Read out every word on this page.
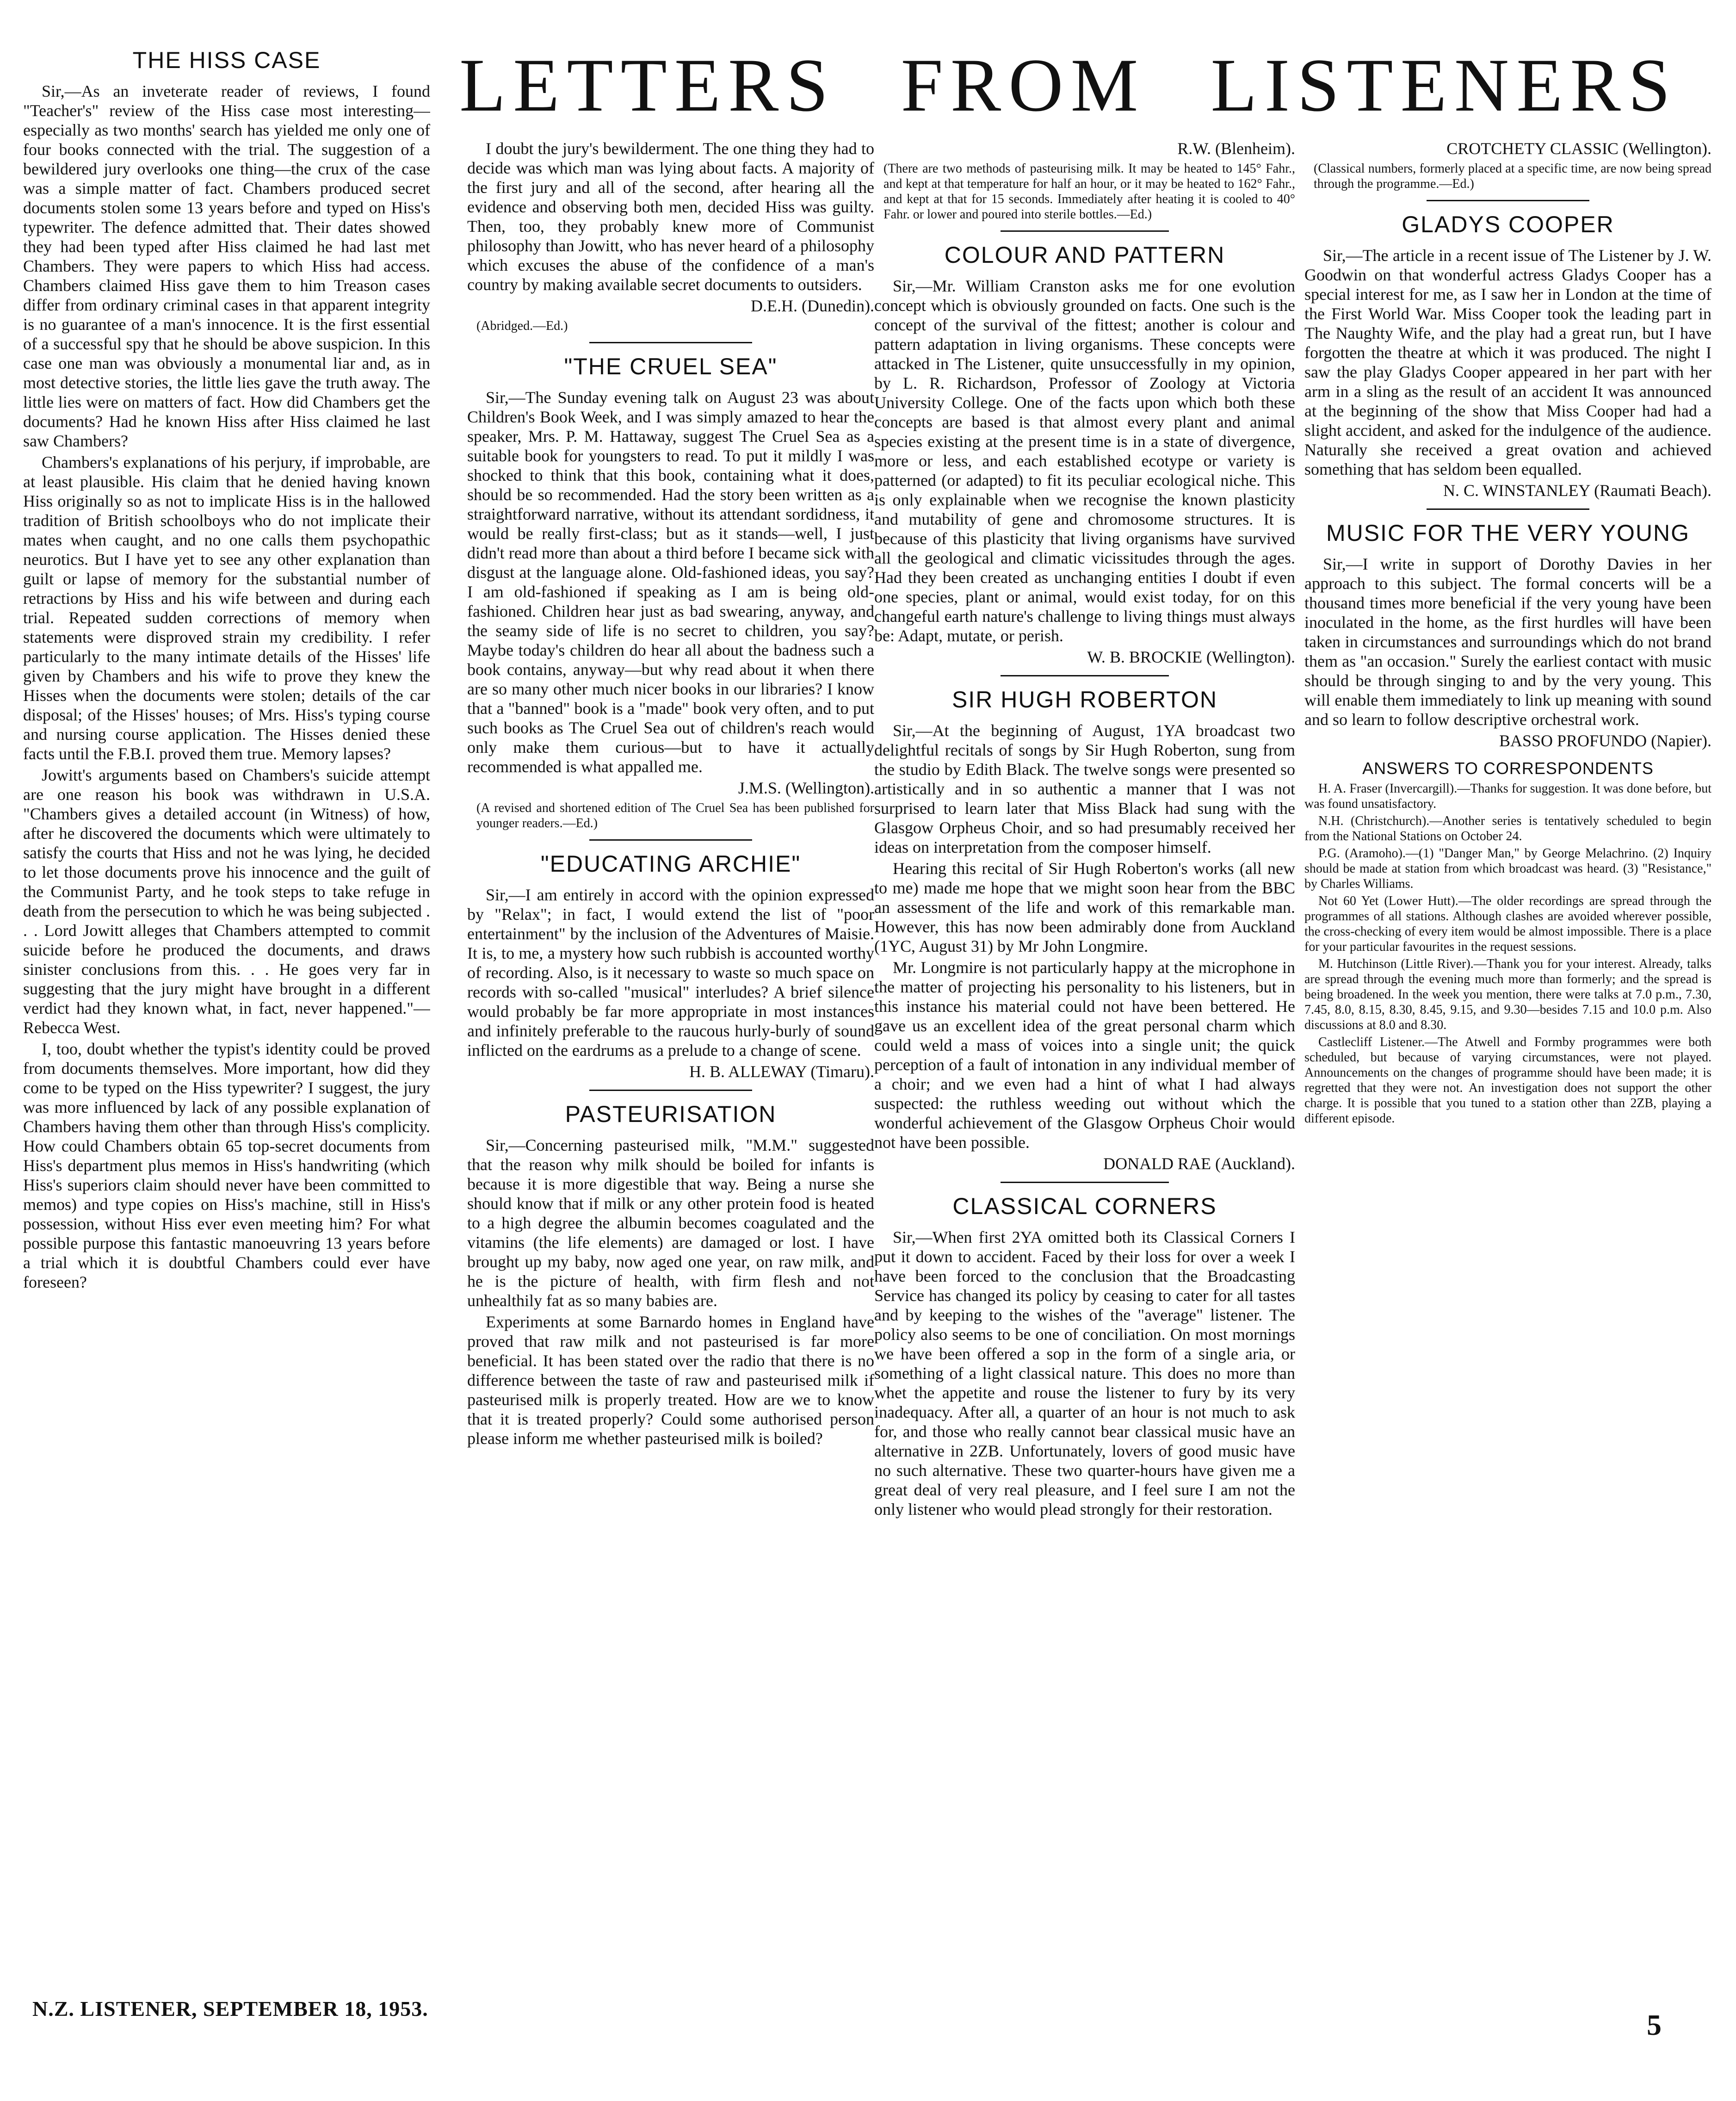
LETTERS FROM LISTENERS
THE HISS CASE

Sir,—As an inveterate reader of reviews, I found "Teacher's" review of the Hiss case most interesting—especially as two months' search has yielded me only one of four books connected with the trial. The suggestion of a bewildered jury overlooks one thing—the crux of the case was a simple matter of fact. Chambers produced secret documents stolen some 13 years before and typed on Hiss's typewriter. The defence admitted that. Their dates showed they had been typed after Hiss claimed he had last met Chambers. They were papers to which Hiss had access. Chambers claimed Hiss gave them to him Treason cases differ from ordinary criminal cases in that apparent integrity is no guarantee of a man's innocence. It is the first essential of a successful spy that he should be above suspicion. In this case one man was obviously a monumental liar and, as in most detective stories, the little lies gave the truth away. The little lies were on matters of fact. How did Chambers get the documents? Had he known Hiss after Hiss claimed he last saw Chambers?

Chambers's explanations of his perjury, if improbable, are at least plausible. His claim that he denied having known Hiss originally so as not to implicate Hiss is in the hallowed tradition of British schoolboys who do not implicate their mates when caught, and no one calls them psychopathic neurotics. But I have yet to see any other explanation than guilt or lapse of memory for the substantial number of retractions by Hiss and his wife between and during each trial. Repeated sudden corrections of memory when statements were disproved strain my credibility. I refer particularly to the many intimate details of the Hisses' life given by Chambers and his wife to prove they knew the Hisses when the documents were stolen; details of the car disposal; of the Hisses' houses; of Mrs. Hiss's typing course and nursing course application. The Hisses denied these facts until the F.B.I. proved them true. Memory lapses?

Jowitt's arguments based on Chambers's suicide attempt are one reason his book was withdrawn in U.S.A. "Chambers gives a detailed account (in Witness) of how, after he discovered the documents which were ultimately to satisfy the courts that Hiss and not he was lying, he decided to let those documents prove his innocence and the guilt of the Communist Party, and he took steps to take refuge in death from the persecution to which he was being subjected . . . Lord Jowitt alleges that Chambers attempted to commit suicide before he produced the documents, and draws sinister conclusions from this. . . He goes very far in suggesting that the jury might have brought in a different verdict had they known what, in fact, never happened."—Rebecca West.

I, too, doubt whether the typist's identity could be proved from documents themselves. More important, how did they come to be typed on the Hiss typewriter? I suggest, the jury was more influenced by lack of any possible explanation of Chambers having them other than through Hiss's complicity. How could Chambers obtain 65 top-secret documents from Hiss's department plus memos in Hiss's handwriting (which Hiss's superiors claim should never have been committed to memos) and type copies on Hiss's machine, still in Hiss's possession, without Hiss ever even meeting him? For what possible purpose this fantastic manoeuvring 13 years before a trial which it is doubtful Chambers could ever have foreseen?

I doubt the jury's bewilderment. The one thing they had to decide was which man was lying about facts. A majority of the first jury and all of the second, after hearing all the evidence and observing both men, decided Hiss was guilty. Then, too, they probably knew more of Communist philosophy than Jowitt, who has never heard of a philosophy which excuses the abuse of the confidence of a man's country by making available secret documents to outsiders.

D.E.H. (Dunedin).

(Abridged.—Ed.)

"THE CRUEL SEA"

Sir,—The Sunday evening talk on August 23 was about Children's Book Week, and I was simply amazed to hear the speaker, Mrs. P. M. Hattaway, suggest The Cruel Sea as a suitable book for youngsters to read. To put it mildly I was shocked to think that this book, containing what it does, should be so recommended. Had the story been written as a straightforward narrative, without its attendant sordidness, it would be really first-class; but as it stands—well, I just didn't read more than about a third before I became sick with disgust at the language alone. Old-fashioned ideas, you say? I am old-fashioned if speaking as I am is being old-fashioned. Children hear just as bad swearing, anyway, and the seamy side of life is no secret to children, you say? Maybe today's children do hear all about the badness such a book contains, anyway—but why read about it when there are so many other much nicer books in our libraries? I know that a "banned" book is a "made" book very often, and to put such books as The Cruel Sea out of children's reach would only make them curious—but to have it actually recommended is what appalled me.

J.M.S. (Wellington).

(A revised and shortened edition of The Cruel Sea has been published for younger readers.—Ed.)

"EDUCATING ARCHIE"

Sir,—I am entirely in accord with the opinion expressed by "Relax"; in fact, I would extend the list of "poor entertainment" by the inclusion of the Adventures of Maisie. It is, to me, a mystery how such rubbish is accounted worthy of recording. Also, is it necessary to waste so much space on records with so-called "musical" interludes? A brief silence would probably be far more appropriate in most instances and infinitely preferable to the raucous hurly-burly of sound inflicted on the eardrums as a prelude to a change of scene.

H. B. ALLEWAY (Timaru).

PASTEURISATION

Sir,—Concerning pasteurised milk, "M.M." suggested that the reason why milk should be boiled for infants is because it is more digestible that way. Being a nurse she should know that if milk or any other protein food is heated to a high degree the albumin becomes coagulated and the vitamins (the life elements) are damaged or lost. I have brought up my baby, now aged one year, on raw milk, and he is the picture of health, with firm flesh and not unhealthily fat as so many babies are.

Experiments at some Barnardo homes in England have proved that raw milk and not pasteurised is far more beneficial. It has been stated over the radio that there is no difference between the taste of raw and pasteurised milk if pasteurised milk is properly treated. How are we to know that it is treated properly? Could some authorised person please inform me whether pasteurised milk is boiled?

R.W. (Blenheim).

(There are two methods of pasteurising milk. It may be heated to 145° Fahr., and kept at that temperature for half an hour, or it may be heated to 162° Fahr., and kept at that for 15 seconds. Immediately after heating it is cooled to 40° Fahr. or lower and poured into sterile bottles.—Ed.)

COLOUR AND PATTERN

Sir,—Mr. William Cranston asks me for one evolution concept which is obviously grounded on facts. One such is the concept of the survival of the fittest; another is colour and pattern adaptation in living organisms. These concepts were attacked in The Listener, quite unsuccessfully in my opinion, by L. R. Richardson, Professor of Zoology at Victoria University College. One of the facts upon which both these concepts are based is that almost every plant and animal species existing at the present time is in a state of divergence, more or less, and each established ecotype or variety is patterned (or adapted) to fit its peculiar ecological niche. This is only explainable when we recognise the known plasticity and mutability of gene and chromosome structures. It is because of this plasticity that living organisms have survived all the geological and climatic vicissitudes through the ages. Had they been created as unchanging entities I doubt if even one species, plant or animal, would exist today, for on this changeful earth nature's challenge to living things must always be: Adapt, mutate, or perish.

W. B. BROCKIE (Wellington).

SIR HUGH ROBERTON

Sir,—At the beginning of August, 1YA broadcast two delightful recitals of songs by Sir Hugh Roberton, sung from the studio by Edith Black. The twelve songs were presented so artistically and in so authentic a manner that I was not surprised to learn later that Miss Black had sung with the Glasgow Orpheus Choir, and so had presumably received her ideas on interpretation from the composer himself.

Hearing this recital of Sir Hugh Roberton's works (all new to me) made me hope that we might soon hear from the BBC an assessment of the life and work of this remarkable man. However, this has now been admirably done from Auckland (1YC, August 31) by Mr John Longmire.

Mr. Longmire is not particularly happy at the microphone in the matter of projecting his personality to his listeners, but in this instance his material could not have been bettered. He gave us an excellent idea of the great personal charm which could weld a mass of voices into a single unit; the quick perception of a fault of intonation in any individual member of a choir; and we even had a hint of what I had always suspected: the ruthless weeding out without which the wonderful achievement of the Glasgow Orpheus Choir would not have been possible.

DONALD RAE (Auckland).

CLASSICAL CORNERS

Sir,—When first 2YA omitted both its Classical Corners I put it down to accident. Faced by their loss for over a week I have been forced to the conclusion that the Broadcasting Service has changed its policy by ceasing to cater for all tastes and by keeping to the wishes of the "average" listener. The policy also seems to be one of conciliation. On most mornings we have been offered a sop in the form of a single aria, or something of a light classical nature. This does no more than whet the appetite and rouse the listener to fury by its very inadequacy. After all, a quarter of an hour is not much to ask for, and those who really cannot bear classical music have an alternative in 2ZB. Unfortunately, lovers of good music have no such alternative. These two quarter-hours have given me a great deal of very real pleasure, and I feel sure I am not the only listener who would plead strongly for their restoration.

CROTCHETY CLASSIC (Wellington).

(Classical numbers, formerly placed at a specific time, are now being spread through the programme.—Ed.)

GLADYS COOPER

Sir,—The article in a recent issue of The Listener by J. W. Goodwin on that wonderful actress Gladys Cooper has a special interest for me, as I saw her in London at the time of the First World War. Miss Cooper took the leading part in The Naughty Wife, and the play had a great run, but I have forgotten the theatre at which it was produced. The night I saw the play Gladys Cooper appeared in her part with her arm in a sling as the result of an accident It was announced at the beginning of the show that Miss Cooper had had a slight accident, and asked for the indulgence of the audience. Naturally she received a great ovation and achieved something that has seldom been equalled.

N. C. WINSTANLEY (Raumati Beach).

MUSIC FOR THE VERY YOUNG

Sir,—I write in support of Dorothy Davies in her approach to this subject. The formal concerts will be a thousand times more beneficial if the very young have been inoculated in the home, as the first hurdles will have been taken in circumstances and surroundings which do not brand them as "an occasion." Surely the earliest contact with music should be through singing to and by the very young. This will enable them immediately to link up meaning with sound and so learn to follow descriptive orchestral work.

BASSO PROFUNDO (Napier).

ANSWERS TO CORRESPONDENTS

H. A. Fraser (Invercargill).—Thanks for suggestion. It was done before, but was found unsatisfactory.

N.H. (Christchurch).—Another series is tentatively scheduled to begin from the National Stations on October 24.

P.G. (Aramoho).—(1) "Danger Man," by George Melachrino. (2) Inquiry should be made at station from which broadcast was heard. (3) "Resistance," by Charles Williams.

Not 60 Yet (Lower Hutt).—The older recordings are spread through the programmes of all stations. Although clashes are avoided wherever possible, the cross-checking of every item would be almost impossible. There is a place for your particular favourites in the request sessions.

M. Hutchinson (Little River).—Thank you for your interest. Already, talks are spread through the evening much more than formerly; and the spread is being broadened. In the week you mention, there were talks at 7.0 p.m., 7.30, 7.45, 8.0, 8.15, 8.30, 8.45, 9.15, and 9.30—besides 7.15 and 10.0 p.m. Also discussions at 8.0 and 8.30.

Castlecliff Listener.—The Atwell and Formby programmes were both scheduled, but because of varying circumstances, were not played. Announcements on the changes of programme should have been made; it is regretted that they were not. An investigation does not support the other charge. It is possible that you tuned to a station other than 2ZB, playing a different episode.

N.Z. LISTENER, SEPTEMBER 18, 1953.	5
